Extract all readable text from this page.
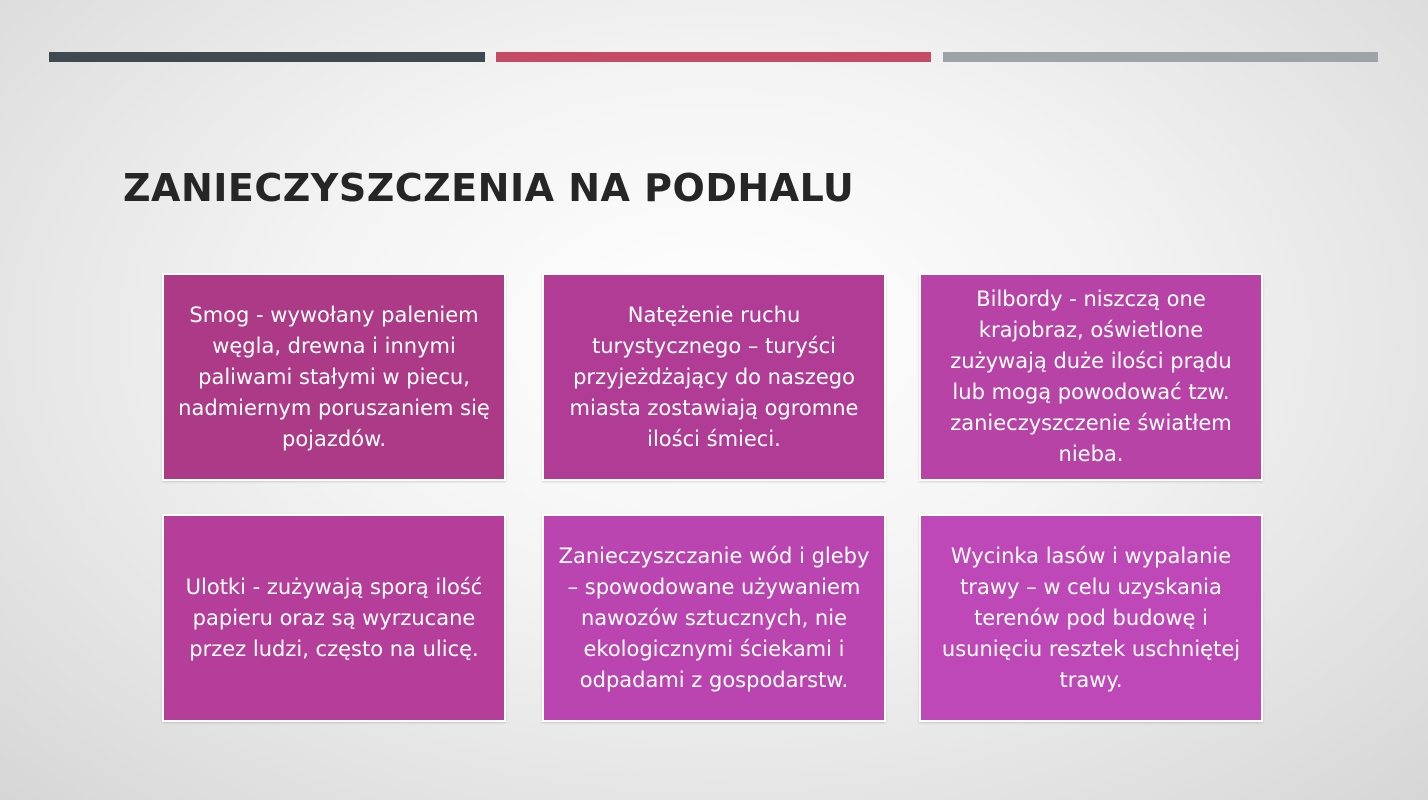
ZANIECZYSZCZENIA NA PODHALU
Smog - wywołany paleniem węgla, drewna i innymi paliwami stałymi w piecu, nadmiernym poruszaniem się pojazdów.
Natężenie ruchu turystycznego – turyści przyjeżdżający do naszego miasta zostawiają ogromne ilości śmieci.
Bilbordy - niszczą one krajobraz, oświetlone zużywają duże ilości prądu lub mogą powodować tzw. zanieczyszczenie światłem nieba.
Ulotki - zużywają sporą ilość papieru oraz są wyrzucane przez ludzi, często na ulicę.
Zanieczyszczanie wód i gleby – spowodowane używaniem nawozów sztucznych, nie ekologicznymi ściekami i odpadami z gospodarstw.
Wycinka lasów i wypalanie trawy – w celu uzyskania terenów pod budowę i usunięciu resztek uschniętej trawy.
